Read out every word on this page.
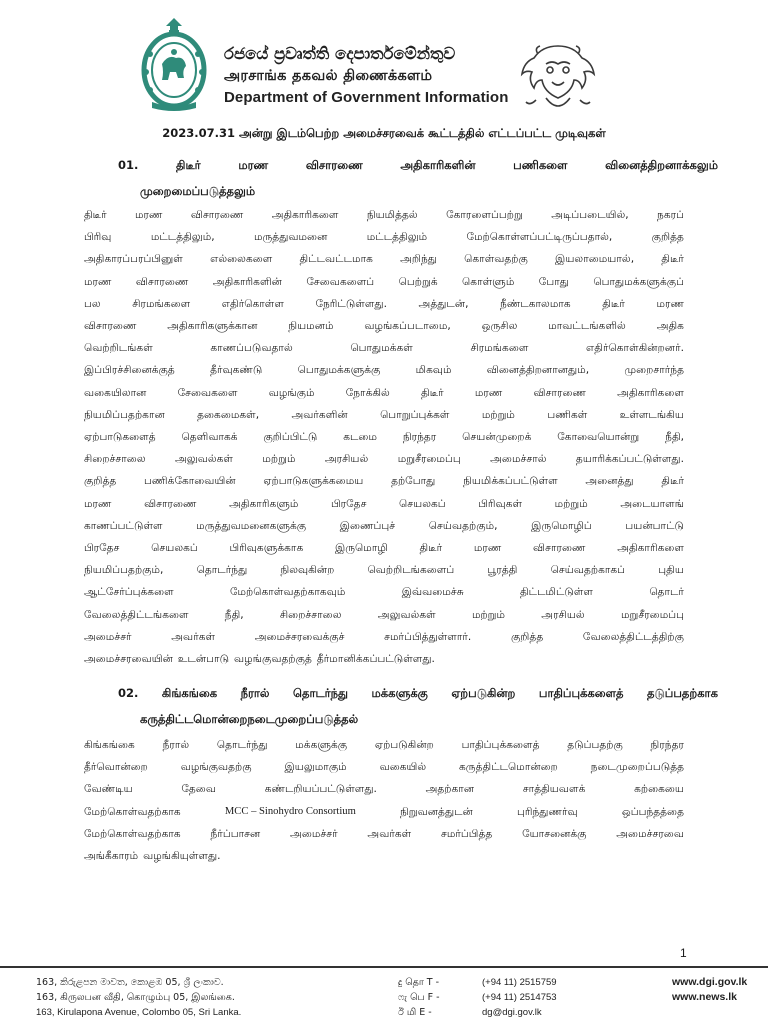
රජයේ ප්‍රවෘත්ති දෙපාර්තමේන්තුව
அரசாங்க தகவல் திணைக்களம்
Department of Government Information
2023.07.31 அன்று இடம்பெற்ற அமைச்சரவைக் கூட்டத்தில் எட்டப்பட்ட முடிவுகள்
01.	திடீர்	மரண	விசாரணை	அதிகாரிகளின்	பணிகளை	வினைத்திறனாக்கலும்
முறைமைப்படுத்தலும்
திடீர்	மரண	விசாரணை	அதிகாரிகளை	நியமித்தல்	கோரளைப்பற்று	அடிப்படையில்,	நகரப்
பிரிவு	மட்டத்திலும்,	மருத்துவமனை	மட்டத்திலும்	மேற்கொள்ளப்பட்டிருப்பதால்,	குறித்த
அதிகாரப்பரப்பினுள்	எல்லைகளை	திட்டவட்டமாக	அறிந்து	கொள்வதற்கு	இயலாமையால்,	திடீர்
மரண விசாரணை அதிகாரிகளின் சேவைகளைப் பெற்றுக் கொள்ளும் போது பொதுமக்களுக்குப்
பல	சிரமங்களை	எதிர்கொள்ள	நேரிட்டுள்ளது.	அத்துடன்,	நீண்டகாலமாக	திடீர்	மரண
விசாரணை	அதிகாரிகளுக்கான	நியமனம்	வழங்கப்படாமை,	ஒருசில	மாவட்டங்களில்	அதிக
வெற்றிடங்கள்	காணப்படுவதால்	பொதுமக்கள்	சிரமங்களை	எதிர்கொள்கின்றனர்.
இப்பிரச்சினைக்குத்	தீர்வுகண்டு	பொதுமக்களுக்கு	மிகவும்	வினைத்திறனானதும்,	முறைசார்ந்த
வகையிலான	சேவைகளை	வழங்கும்	நோக்கில்	திடீர்	மரண	விசாரணை	அதிகாரிகளை
நியமிப்பதற்கான	தகைமைகள்,	அவர்களின்	பொறுப்புக்கள்	மற்றும்	பணிகள்	உள்ளடங்கிய
ஏற்பாடுகளைத் தெளிவாகக் குறிப்பிட்டு கடமை நிரந்தர செயன்முறைக் கோவையொன்று நீதி,
சிறைச்சாலை	அலுவல்கள்	மற்றும்	அரசியல்	மறுசீரமைப்பு	அமைச்சால்	தயாரிக்கப்பட்டுள்ளது.
குறித்த	பணிக்கோவையின்	ஏற்பாடுகளுக்கமைய	தற்போது	நியமிக்கப்பட்டுள்ள	அனைத்து	திடீர்
மரண	விசாரணை	அதிகாரிகளும்	பிரதேச	செயலகப்	பிரிவுகள்	மற்றும்	அடையாளங்
காணப்பட்டுள்ள	மருத்துவமனைகளுக்கு	இணைப்புச்	செய்வதற்கும்,	இருமொழிப்	பயன்பாட்டு
பிரதேச	செயலகப்	பிரிவுகளுக்காக	இருமொழி	திடீர்	மரண	விசாரணை	அதிகாரிகளை
நியமிப்பதற்கும்,	தொடர்ந்து	நிலவுகின்ற	வெற்றிடங்களைப்	பூரத்தி	செய்வதற்காகப்	புதிய
ஆட்சேர்ப்புக்களை	மேற்கொள்வதற்காகவும்	இவ்வமைச்சு	திட்டமிட்டுள்ள	தொடர்
வேலைத்திட்டங்களை	நீதி,	சிறைச்சாலை	அலுவல்கள்	மற்றும்	அரசியல்	மறுசீரமைப்பு
அமைச்சர்	அவர்கள்	அமைச்சரவைக்குச்	சமர்ப்பித்துள்ளார்.	குறித்த	வேலைத்திட்டத்திற்கு
அமைச்சரவையின் உடன்பாடு வழங்குவதற்குத் தீர்மானிக்கப்பட்டுள்ளது.
02. கிங்கங்கை நீரால் தொடர்ந்து மக்களுக்கு ஏற்படுகின்ற பாதிப்புக்களைத் தடுப்பதற்காக
கருத்திட்டமொன்றை நடைமுறைப்படுத்தல்
கிங்கங்கை	நீரால்	தொடர்ந்து	மக்களுக்கு	ஏற்படுகின்ற	பாதிப்புக்களைத்	தடுப்பதற்கு	நிரந்தர
தீர்வொன்றை	வழங்குவதற்கு	இயலுமாகும்	வகையில்	கருத்திட்டமொன்றை	நடைமுறைப்படுத்த
வேண்டிய	தேவை	கண்டறியப்பட்டுள்ளது.	அதற்கான	சாத்தியவளக்	கற்கையை
மேற்கொள்வதற்காக	MCC – Sinohydro Consortium	நிறுவனத்துடன்	புரிந்துணர்வு	ஒப்பந்தத்தை
மேற்கொள்வதற்காக	நீர்ப்பாசன	அமைச்சர்	அவர்கள்	சமர்ப்பித்த	யோசனைக்கு	அமைச்சரவை
அங்கீகாரம் வழங்கியுள்ளது.
1
163, කිරුළපන මාවත, කොළඹ 05, ශ්‍රී ලංකාව.
163, கிருலபன வீதி, கொழும்பு 05, இலங்கை.
163, Kirulapona Avenue, Colombo 05, Sri Lanka.
දු தொ T -	(+94 11) 2515759
ෆැ பெ F -	(+94 11) 2514753
ඊ மி E -	dg@dgi.gov.lk
www.dgi.gov.lk
www.news.lk
